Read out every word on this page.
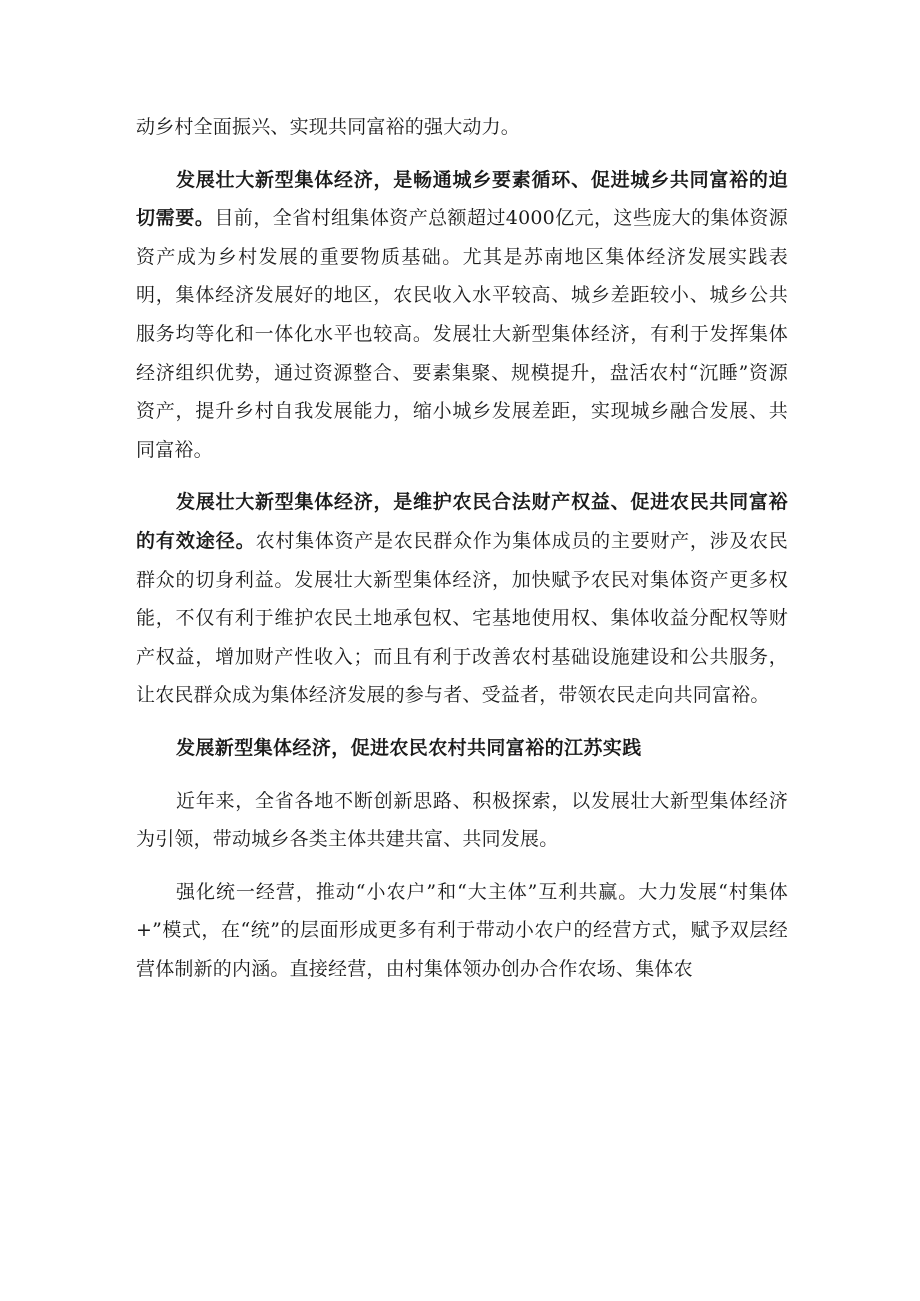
动乡村全面振兴、实现共同富裕的强大动力。

发展壮大新型集体经济，是畅通城乡要素循环、促进城乡共同富裕的迫切需要。目前，全省村组集体资产总额超过4000亿元，这些庞大的集体资源资产成为乡村发展的重要物质基础。尤其是苏南地区集体经济发展实践表明，集体经济发展好的地区，农民收入水平较高、城乡差距较小、城乡公共服务均等化和一体化水平也较高。发展壮大新型集体经济，有利于发挥集体经济组织优势，通过资源整合、要素集聚、规模提升，盘活农村“沉睡”资源资产，提升乡村自我发展能力，缩小城乡发展差距，实现城乡融合发展、共同富裕。

发展壮大新型集体经济，是维护农民合法财产权益、促进农民共同富裕的有效途径。农村集体资产是农民群众作为集体成员的主要财产，涉及农民群众的切身利益。发展壮大新型集体经济，加快赋予农民对集体资产更多权能，不仅有利于维护农民土地承包权、宅基地使用权、集体收益分配权等财产权益，增加财产性收入；而且有利于改善农村基础设施建设和公共服务，让农民群众成为集体经济发展的参与者、受益者，带领农民走向共同富裕。

发展新型集体经济，促进农民农村共同富裕的江苏实践

近年来，全省各地不断创新思路、积极探索，以发展壮大新型集体经济为引领，带动城乡各类主体共建共富、共同发展。

强化统一经营，推动“小农户”和“大主体”互利共赢。大力发展“村集体+”模式，在“统”的层面形成更多有利于带动小农户的经营方式，赋予双层经营体制新的内涵。直接经营，由村集体领办创办合作农场、集体农
